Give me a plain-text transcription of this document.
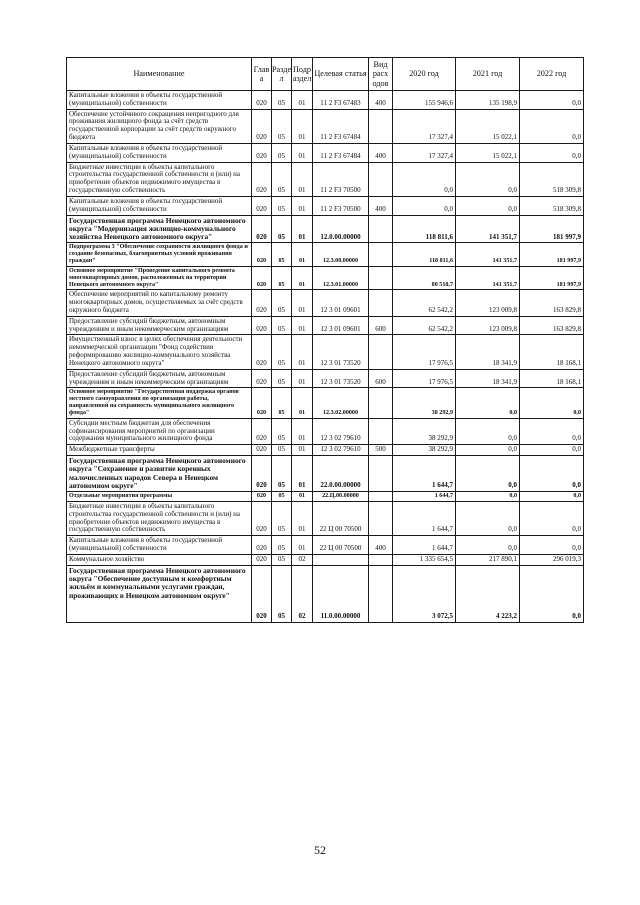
Наименование	Глав а	Разде л	Подр аздел	Целевая статья	Вид расх одов	2020 год	2021 год	2022 год
Капитальные вложения в объекты государственной (муниципальной) собственности	020	05	01	11 2 F3 67483	400	155 946,6	135 198,9	0,0
Обеспечение устойчивого сокращения непригодного для проживания жилищного фонда за счёт средств государственной корпорации за счёт средств окружного бюджета	020	05	01	11 2 F3 67484		17 327,4	15 022,1	0,0
Капитальные вложения в объекты государственной (муниципальной) собственности	020	05	01	11 2 F3 67484	400	17 327,4	15 022,1	0,0
Бюджетные инвестиции в объекты капитального строительства государственной собственности и (или) на приобретение объектов недвижимого имущества в государственную собственность	020	05	01	11 2 F3 70500		0,0	0,0	518 309,8
Капитальные вложения в объекты государственной (муниципальной) собственности	020	05	01	11 2 F3 70500	400	0,0	0,0	518 309,8
Государственная программа Ненецкого автономного округа "Модернизация жилищно-коммунального хозяйства Ненецкого автономного округа"	020	05	01	12.0.00.00000		118 811,6	141 351,7	181 997,9
Подпрограмма 3 "Обеспечение сохранности жилищного фонда и создание безопасных, благоприятных условий проживания граждан"	020	05	01	12.3.00.00000		118 811,6	141 351,7	181 997,9
Основное мероприятие "Проведение капитального ремонта многоквартирных домов, расположенных на территории Ненецкого автономного округа"	020	05	01	12.3.01.00000		80 518,7	141 351,7	181 997,9
Обеспечение мероприятий по капитальному ремонту многоквартирных домов, осуществляемых за счёт средств окружного бюджета	020	05	01	12 3 01 09601		62 542,2	123 009,8	163 829,8
Предоставление субсидий бюджетным, автономным учреждениям и иным некоммерческим организациям	020	05	01	12 3 01 09601	600	62 542,2	123 009,8	163 829,8
Имущественный взнос в целях обеспечения деятельности некоммерческой организации "Фонд содействия реформированию жилищно-коммунального хозяйства Ненецкого автономного округа"	020	05	01	12 3 01 73520		17 976,5	18 341,9	18 168,1
Предоставление субсидий бюджетным, автономным учреждениям и иным некоммерческим организациям	020	05	01	12 3 01 73520	600	17 976,5	18 341,9	18 168,1
Основное мероприятие "Государственная поддержка органов местного самоуправления по организации работы, направленной на сохранность муниципального жилищного фонда"	020	05	01	12.3.02.00000		38 292,9	0,0	0,0
Субсидии местным бюджетам для обеспечения софинансирования мероприятий по организации содержания муниципального жилищного фонда	020	05	01	12 3 02 79610		38 292,9	0,0	0,0
Межбюджетные трансферты	020	05	01	12 3 02 79610	500	38 292,9	0,0	0,0
Государственная программа Ненецкого автономного округа "Сохранение и развитие коренных малочисленных народов Севера в Ненецком автономном округе"	020	05	01	22.0.00.00000		1 644,7	0,0	0,0
Отдельные мероприятия программы	020	05	01	22.Ц.00.00000		1 644,7	0,0	0,0
Бюджетные инвестиции в объекты капитального строительства государственной собственности и (или) на приобретение объектов недвижимого имущества в государственную собственность	020	05	01	22 Ц 00 70500		1 644,7	0,0	0,0
Капитальные вложения в объекты государственной (муниципальной) собственности	020	05	01	22 Ц 00 70500	400	1 644,7	0,0	0,0
Коммунальное хозяйство	020	05	02			1 335 654,5	217 890,1	296 019,3
Государственная программа Ненецкого автономного округа "Обеспечение доступным и комфортным жильём и коммунальными услугами граждан, проживающих в Ненецком автономном округе"	020	05	02	11.0.00.00000		3 072,5	4 223,2	0,0
52
